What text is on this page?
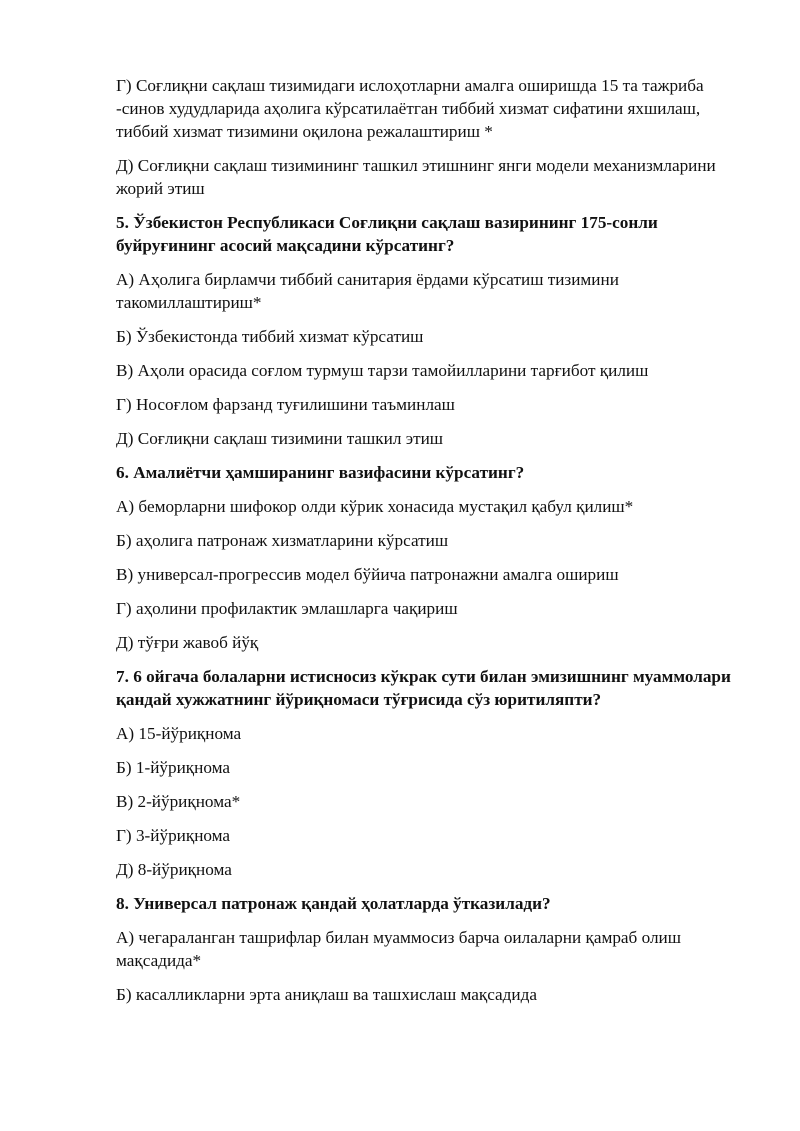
Г) Соғлиқни сақлаш тизимидаги ислоҳотларни амалга оширишда 15 та тажриба -синов худудларида аҳолига кўрсатилаётган тиббий хизмат сифатини яхшилаш, тиббий хизмат тизимини оқилона режалаштириш *
Д) Соғлиқни сақлаш тизимининг ташкил этишнинг янги модели механизмларини жорий этиш
5. Ўзбекистон Республикаси Соғлиқни сақлаш вазирининг 175-сонли буйруғининг асосий мақсадини кўрсатинг?
А) Аҳолига бирламчи тиббий санитария ёрдами кўрсатиш тизимини такомиллаштириш*
Б) Ўзбекистонда тиббий хизмат кўрсатиш
В) Аҳоли орасида соғлом турмуш тарзи тамойилларини тарғибот қилиш
Г) Носоғлом фарзанд туғилишини таъминлаш
Д) Соғлиқни сақлаш тизимини ташкил этиш
6. Амалиётчи ҳамширанинг вазифасини кўрсатинг?
А) беморларни шифокор олди кўрик хонасида мустақил қабул қилиш*
Б) аҳолига патронаж хизматларини кўрсатиш
В) универсал-прогрессив модел бўйича патронажни амалга ошириш
Г) аҳолини профилактик эмлашларга чақириш
Д) тўғри жавоб йўқ
7. 6 ойгача болаларни истисносиз кўкрак сути билан эмизишнинг муаммолари қандай хужжатнинг йўриқномаси тўғрисида сўз юритиляпти?
А) 15-йўриқнома
Б) 1-йўриқнома
В) 2-йўриқнома*
Г) 3-йўриқнома
Д) 8-йўриқнома
8. Универсал патронаж қандай ҳолатларда ўтказилади?
А) чегараланган ташрифлар билан муаммосиз барча оилаларни қамраб олиш мақсадида*
Б) касалликларни эрта аниқлаш ва ташхислаш мақсадида
